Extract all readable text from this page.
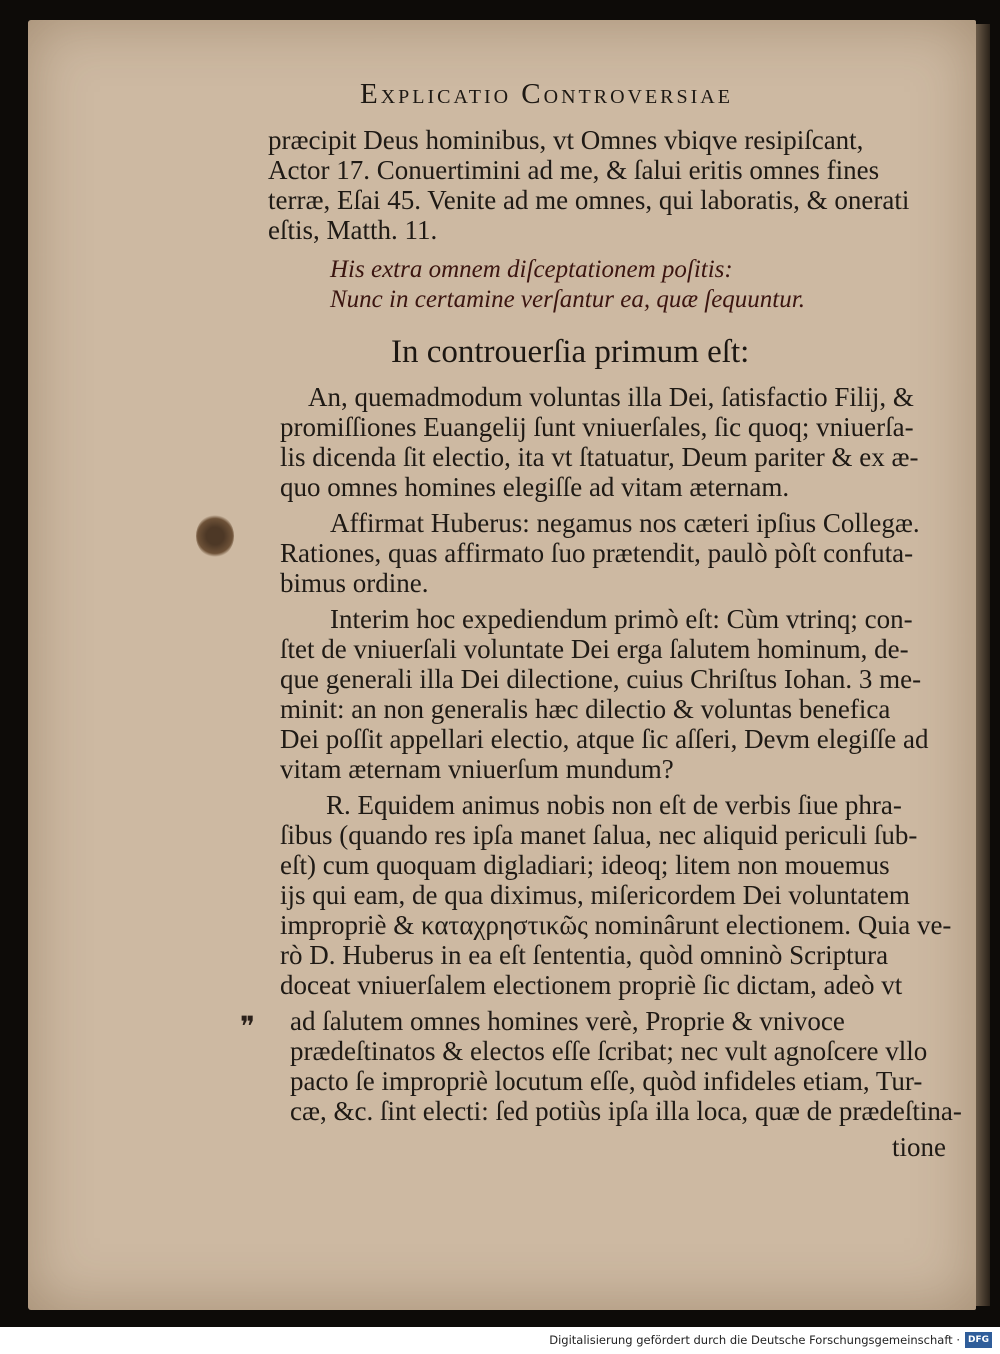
Explicatio Controversiae
præcipit Deus hominibus, vt Omnes vbiqve resipiſcant,
Actor 17. Conuertimini ad me, & ſalui eritis omnes fines
terræ, Eſai 45. Venite ad me omnes, qui laboratis, & onerati
eſtis, Matth. 11.
His extra omnem diſceptationem poſitis:
Nunc in certamine verſantur ea, quæ ſequuntur.
In controuerſia primum eſt:
An, quemadmodum voluntas illa Dei, ſatisfactio Filij, &
promiſſiones Euangelij ſunt vniuerſales, ſic quoq; vniuerſa-
lis dicenda ſit electio, ita vt ſtatuatur, Deum pariter & ex æ-
quo omnes homines elegiſſe ad vitam æternam.
Affirmat Huberus: negamus nos cæteri ipſius Collegæ.
Rationes, quas affirmato ſuo prætendit, paulò pòſt confuta-
bimus ordine.
Interim hoc expediendum primò eſt: Cùm vtrinq; con-
ſtet de vniuerſali voluntate Dei erga ſalutem hominum, de-
que generali illa Dei dilectione, cuius Chriſtus Iohan. 3 me-
minit: an non generalis hæc dilectio & voluntas benefica
Dei poſſit appellari electio, atque ſic aſſeri, Devm elegiſſe ad
vitam æternam vniuerſum mundum?
R. Equidem animus nobis non eſt de verbis ſiue phra-
ſibus (quando res ipſa manet ſalua, nec aliquid periculi ſub-
eſt) cum quoquam digladiari; ideoq; litem non mouemus
ijs qui eam, de qua diximus, miſericordem Dei voluntatem
impropriè & καταχρηστικῶς nominârunt electionem. Quia ve-
rò D. Huberus in ea eſt ſententia, quòd omninò Scriptura
doceat vniuerſalem electionem propriè ſic dictam, adeò vt
ad ſalutem omnes homines verè, Proprie & vnivoce
prædeſtinatos & electos eſſe ſcribat; nec vult agnoſcere vllo
pacto ſe impropriè locutum eſſe, quòd infideles etiam, Tur-
cæ, &c. ſint electi: ſed potiùs ipſa illa loca, quæ de prædeſtina-
tione
❞
Digitalisierung gefördert durch die Deutsche Forschungsgemeinschaft · DFG
